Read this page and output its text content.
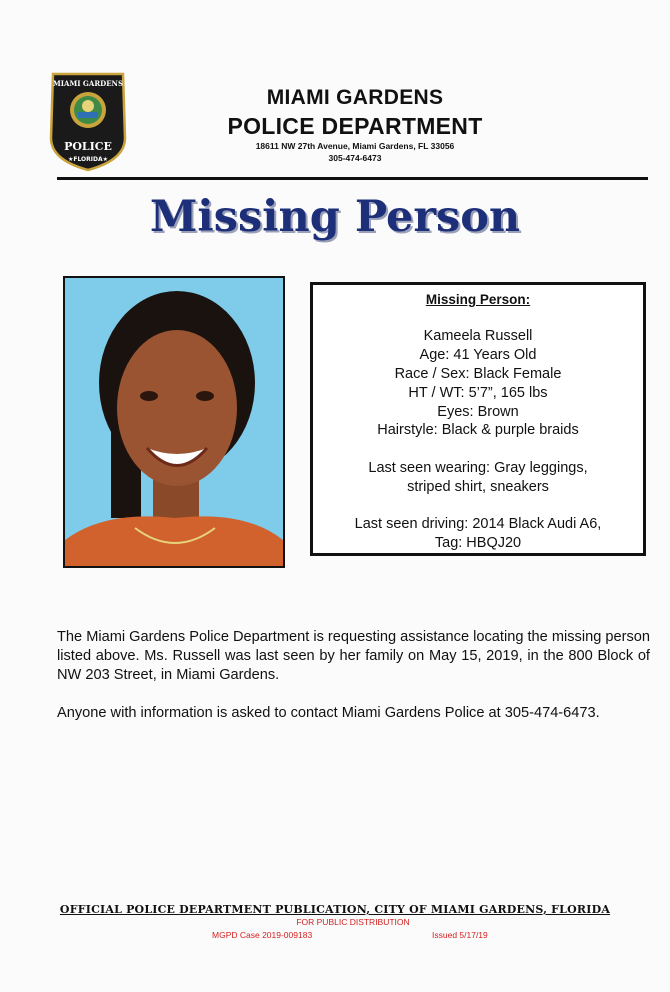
MIAMI GARDENS
POLICE
★FLORIDA★
MIAMI GARDENS
POLICE DEPARTMENT
18611 NW 27th Avenue, Miami Gardens, FL 33056
305-474-6473
Missing Person
Missing Person:
Kameela Russell
Age: 41 Years Old
Race / Sex: Black Female
HT / WT: 5’7”, 165 lbs
Eyes: Brown
Hairstyle: Black & purple braids
Last seen wearing: Gray leggings,
striped shirt, sneakers
Last seen driving: 2014 Black Audi A6,
Tag: HBQJ20
The Miami Gardens Police Department is requesting assistance locating the missing person listed above. Ms. Russell was last seen by her family on May 15, 2019, in the 800 Block of NW 203 Street, in Miami Gardens.
Anyone with information is asked to contact Miami Gardens Police at 305-474-6473.
OFFICIAL POLICE DEPARTMENT PUBLICATION, CITY OF MIAMI GARDENS, FLORIDA
FOR PUBLIC DISTRIBUTION
MGPD Case 2019-009183	Issued 5/17/19
